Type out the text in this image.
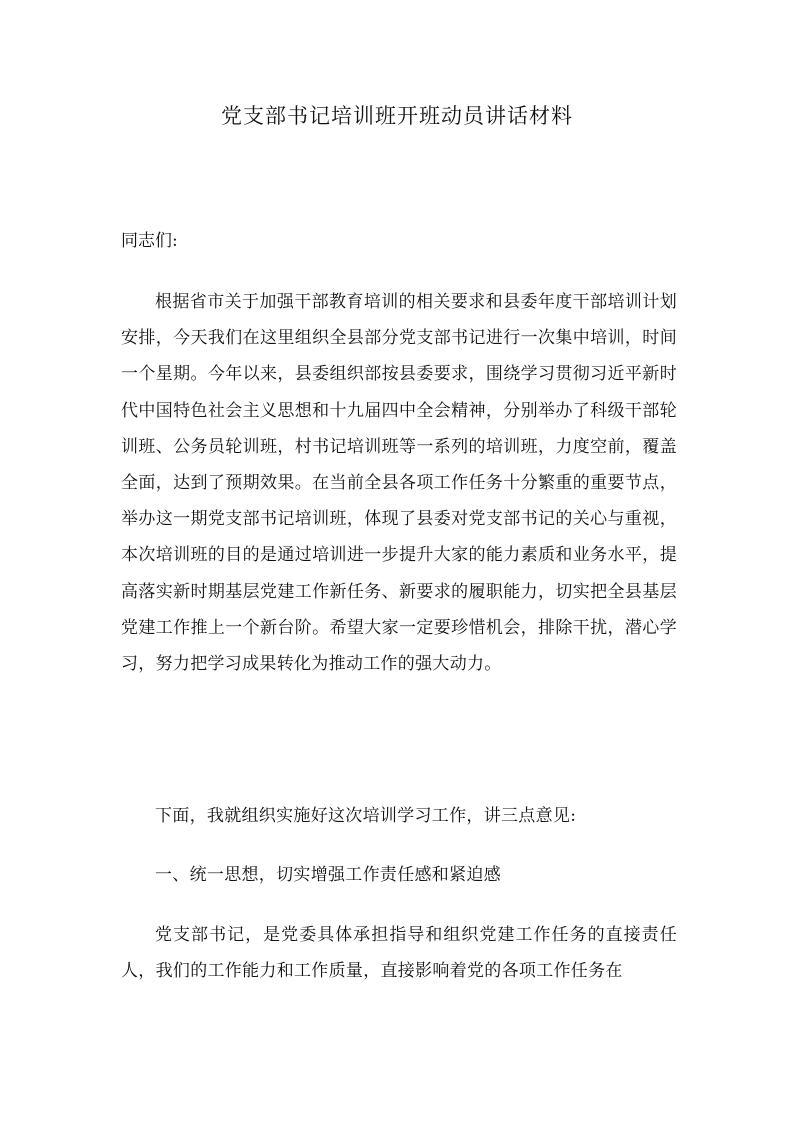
党支部书记培训班开班动员讲话材料

同志们:

根据省市关于加强干部教育培训的相关要求和县委年度干部培训计划安排，今天我们在这里组织全县部分党支部书记进行一次集中培训，时间一个星期。今年以来，县委组织部按县委要求，围绕学习贯彻习近平新时代中国特色社会主义思想和十九届四中全会精神，分别举办了科级干部轮训班、公务员轮训班，村书记培训班等一系列的培训班，力度空前，覆盖全面，达到了预期效果。在当前全县各项工作任务十分繁重的重要节点，举办这一期党支部书记培训班，体现了县委对党支部书记的关心与重视，本次培训班的目的是通过培训进一步提升大家的能力素质和业务水平，提高落实新时期基层党建工作新任务、新要求的履职能力，切实把全县基层党建工作推上一个新台阶。希望大家一定要珍惜机会，排除干扰，潜心学习，努力把学习成果转化为推动工作的强大动力。

下面，我就组织实施好这次培训学习工作，讲三点意见:

一、统一思想，切实增强工作责任感和紧迫感

党支部书记，是党委具体承担指导和组织党建工作任务的直接责任人，我们的工作能力和工作质量，直接影响着党的各项工作任务在
